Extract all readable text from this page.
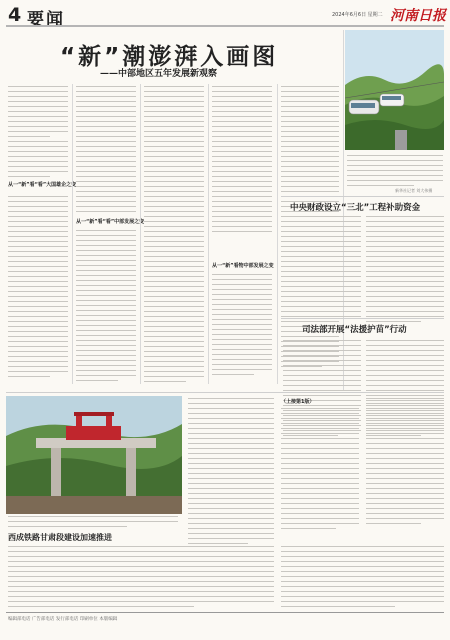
4 要闻	2024年6月6日 星期二 河南日报
“新”潮澎湃入画图
——中部地区五年发展新观察
从一“新”看“看”大国雄企之变
从一“新”看“看”中部发展之变
从一“新”看物中部发展之变
新华社记者 刘大伟摄
中央财政设立“三北”工程补助资金
司法部开展“法援护苗”行动
（上接第1版）
西成铁路甘肃段建设加速推进
编辑部电话 广告部电话 发行部电话 印刷单位 本版编辑
